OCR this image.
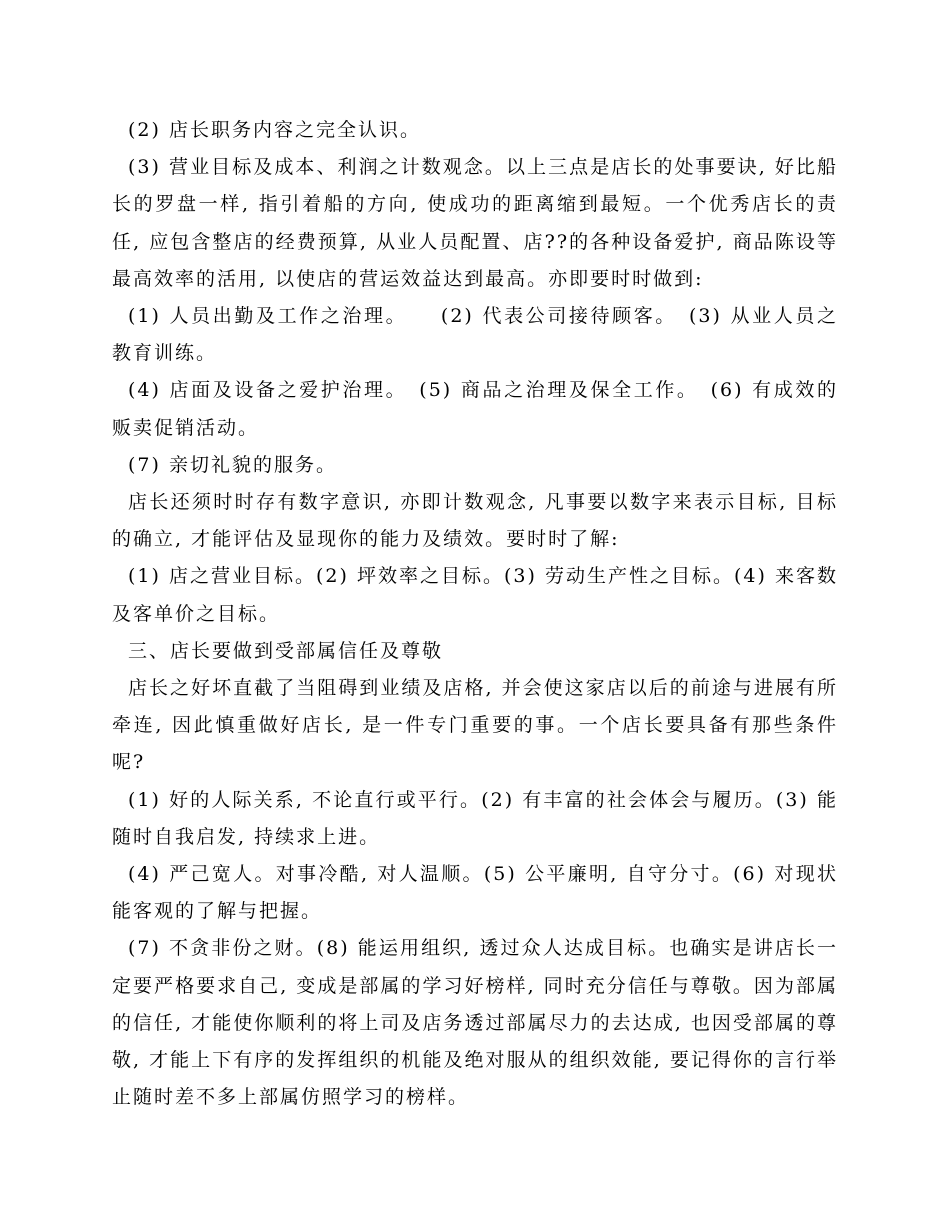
(2) 店长职务内容之完全认识。

(3) 营业目标及成本、利润之计数观念。以上三点是店长的处事要诀, 好比船长的罗盘一样, 指引着船的方向, 使成功的距离缩到最短。一个优秀店长的责任, 应包含整店的经费预算, 从业人员配置、店??的各种设备爱护, 商品陈设等最高效率的活用, 以使店的营运效益达到最高。亦即要时时做到:

(1) 人员出勤及工作之治理。　　(2) 代表公司接待顾客。　(3) 从业人员之教育训练。

(4) 店面及设备之爱护治理。　(5) 商品之治理及保全工作。　(6) 有成效的贩卖促销活动。

(7) 亲切礼貌的服务。

店长还须时时存有数字意识, 亦即计数观念, 凡事要以数字来表示目标, 目标的确立, 才能评估及显现你的能力及绩效。要时时了解:

(1) 店之营业目标。(2) 坪效率之目标。(3) 劳动生产性之目标。(4) 来客数及客单价之目标。

三、店长要做到受部属信任及尊敬

店长之好坏直截了当阻碍到业绩及店格, 并会使这家店以后的前途与进展有所牵连, 因此慎重做好店长, 是一件专门重要的事。一个店长要具备有那些条件呢?

(1) 好的人际关系, 不论直行或平行。(2) 有丰富的社会体会与履历。(3) 能随时自我启发, 持续求上进。

(4) 严己宽人。对事冷酷, 对人温顺。(5) 公平廉明, 自守分寸。(6) 对现状能客观的了解与把握。

(7) 不贪非份之财。(8) 能运用组织, 透过众人达成目标。也确实是讲店长一定要严格要求自己, 变成是部属的学习好榜样, 同时充分信任与尊敬。因为部属的信任, 才能使你顺利的将上司及店务透过部属尽力的去达成, 也因受部属的尊敬, 才能上下有序的发挥组织的机能及绝对服从的组织效能, 要记得你的言行举止随时差不多上部属仿照学习的榜样。
